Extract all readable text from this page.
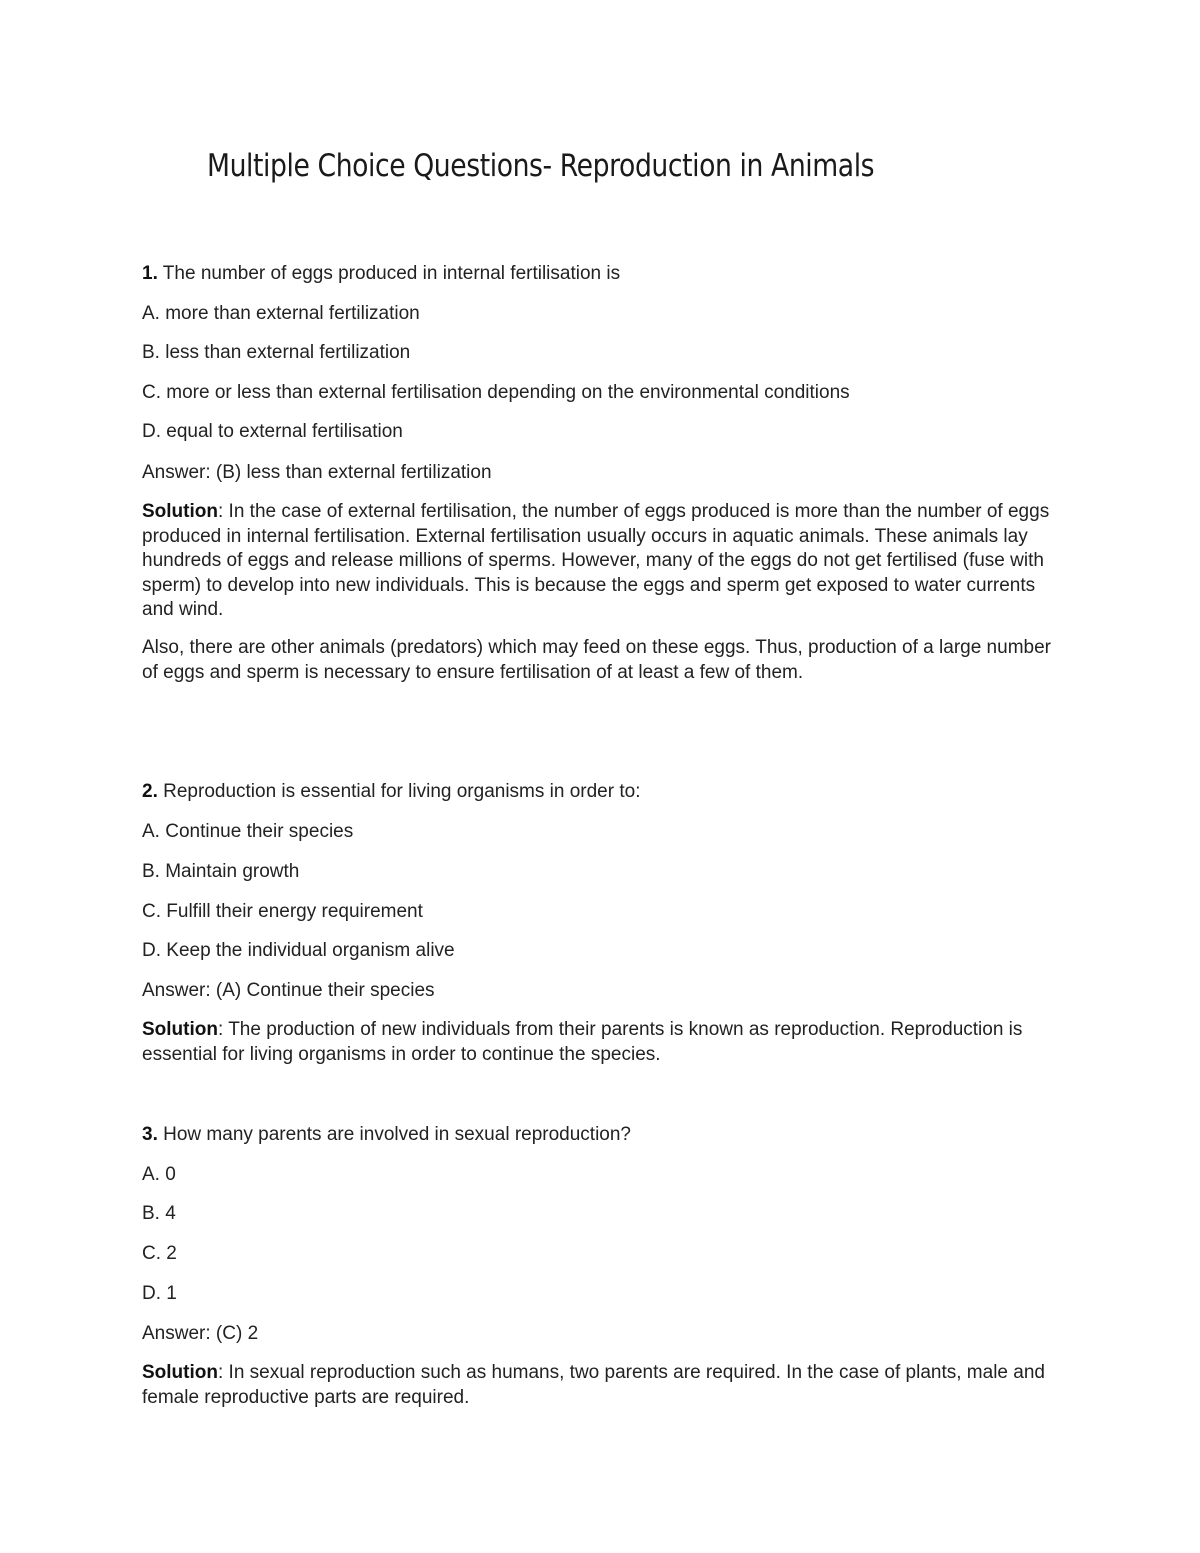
Multiple Choice Questions- Reproduction in Animals

1. The number of eggs produced in internal fertilisation is

A. more than external fertilization

B. less than external fertilization

C. more or less than external fertilisation depending on the environmental conditions

D. equal to external fertilisation

Answer: (B) less than external fertilization

Solution: In the case of external fertilisation, the number of eggs produced is more than the number of eggs produced in internal fertilisation. External fertilisation usually occurs in aquatic animals. These animals lay hundreds of eggs and release millions of sperms. However, many of the eggs do not get fertilised (fuse with sperm) to develop into new individuals. This is because the eggs and sperm get exposed to water currents and wind.

Also, there are other animals (predators) which may feed on these eggs. Thus, production of a large number of eggs and sperm is necessary to ensure fertilisation of at least a few of them.

2. Reproduction is essential for living organisms in order to:

A. Continue their species

B. Maintain growth

C. Fulfill their energy requirement

D. Keep the individual organism alive

Answer: (A) Continue their species

Solution: The production of new individuals from their parents is known as reproduction. Reproduction is essential for living organisms in order to continue the species.

3. How many parents are involved in sexual reproduction?

A. 0

B. 4

C. 2

D. 1

Answer: (C) 2

Solution: In sexual reproduction such as humans, two parents are required. In the case of plants, male and female reproductive parts are required.
